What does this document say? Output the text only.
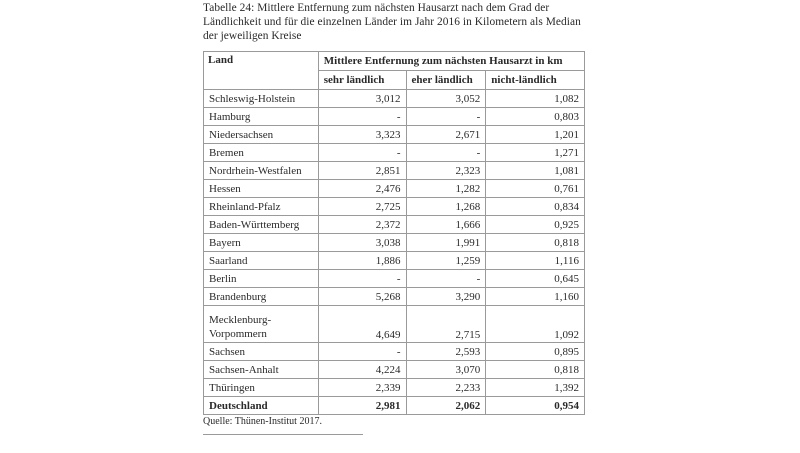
Tabelle 24: Mittlere Entfernung zum nächsten Hausarzt nach dem Grad der Ländlichkeit und für die einzelnen Länder im Jahr 2016 in Kilometern als Median der jeweiligen Kreise

Land	Mittlere Entfernung zum nächsten Hausarzt in km		
	sehr ländlich	eher ländlich	nicht-ländlich
Schleswig-Holstein	3,012	3,052	1,082
Hamburg	-	-	0,803
Niedersachsen	3,323	2,671	1,201
Bremen	-	-	1,271
Nordrhein-Westfalen	2,851	2,323	1,081
Hessen	2,476	1,282	0,761
Rheinland-Pfalz	2,725	1,268	0,834
Baden-Württemberg	2,372	1,666	0,925
Bayern	3,038	1,991	0,818
Saarland	1,886	1,259	1,116
Berlin	-	-	0,645
Brandenburg	5,268	3,290	1,160
Mecklenburg-Vorpommern	4,649	2,715	1,092
Sachsen	-	2,593	0,895
Sachsen-Anhalt	4,224	3,070	0,818
Thüringen	2,339	2,233	1,392
Deutschland	2,981	2,062	0,954
Quelle: Thünen-Institut 2017.
